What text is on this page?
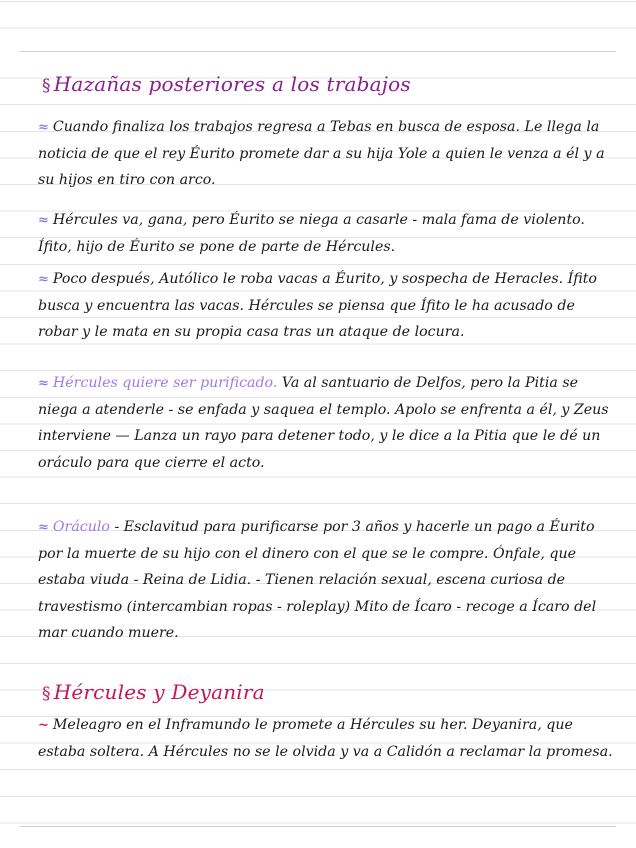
§ Hazañas posteriores a los trabajos
≈ Cuando finaliza los trabajos regresa a Tebas en busca de esposa. Le llega la noticia de que el rey Éurito promete dar a su hija Yole a quien le venza a él y a su hijos en tiro con arco.
≈ Hércules va, gana, pero Éurito se niega a casarle - mala fama de violento. Ífito, hijo de Éurito se pone de parte de Hércules.
≈ Poco después, Autólico le roba vacas a Éurito, y sospecha de Heracles. Ífito busca y encuentra las vacas. Hércules se piensa que Ífito le ha acusado de robar y le mata en su propia casa tras un ataque de locura.
≈ Hércules quiere ser purificado. Va al santuario de Delfos, pero la Pitia se niega a atenderle - se enfada y saquea el templo. Apolo se enfrenta a él, y Zeus interviene — Lanza un rayo para detener todo, y le dice a la Pitia que le dé un oráculo para que cierre el acto.
≈ Oráculo - Esclavitud para purificarse por 3 años y hacerle un pago a Éurito por la muerte de su hijo con el dinero con el que se le compre. Ónfale, que estaba viuda - Reina de Lidia. - Tienen relación sexual, escena curiosa de travestismo (intercambian ropas - roleplay) Mito de Ícaro - recoge a Ícaro del mar cuando muere.
§ Hércules y Deyanira
~ Meleagro en el Inframundo le promete a Hércules su her. Deyanira, que estaba soltera. A Hércules no se le olvida y va a Calidón a reclamar la promesa.
